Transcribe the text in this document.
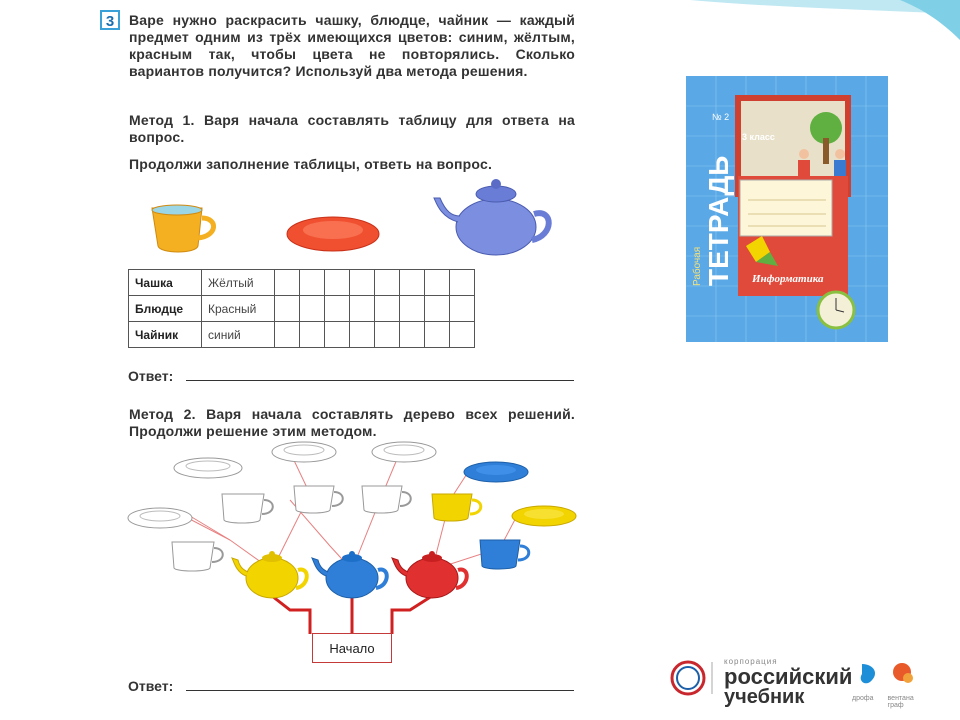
3	Варе нужно раскрасить чашку, блюдце, чайник — каждый предмет одним из трёх имеющихся цветов: синим, жёлтым, красным так, чтобы цвета не повторялись. Сколько вариантов получится? Используй два метода решения.
Метод 1. Варя начала составлять таблицу для ответа на вопрос.
Продолжи заполнение таблицы, ответь на вопрос.
Метод 2. Варя начала составлять дерево всех решений. Продолжи решение этим методом.
Чашка	Жёлтый								
Блюдце	Красный								
Чайник	синий								
Ответ:
Начало
Ответ:
Рабочая ТЕТРАДЬ Информатика
3 класс
№ 2
корпорация
российский
учебник	дрофа вентана граф
